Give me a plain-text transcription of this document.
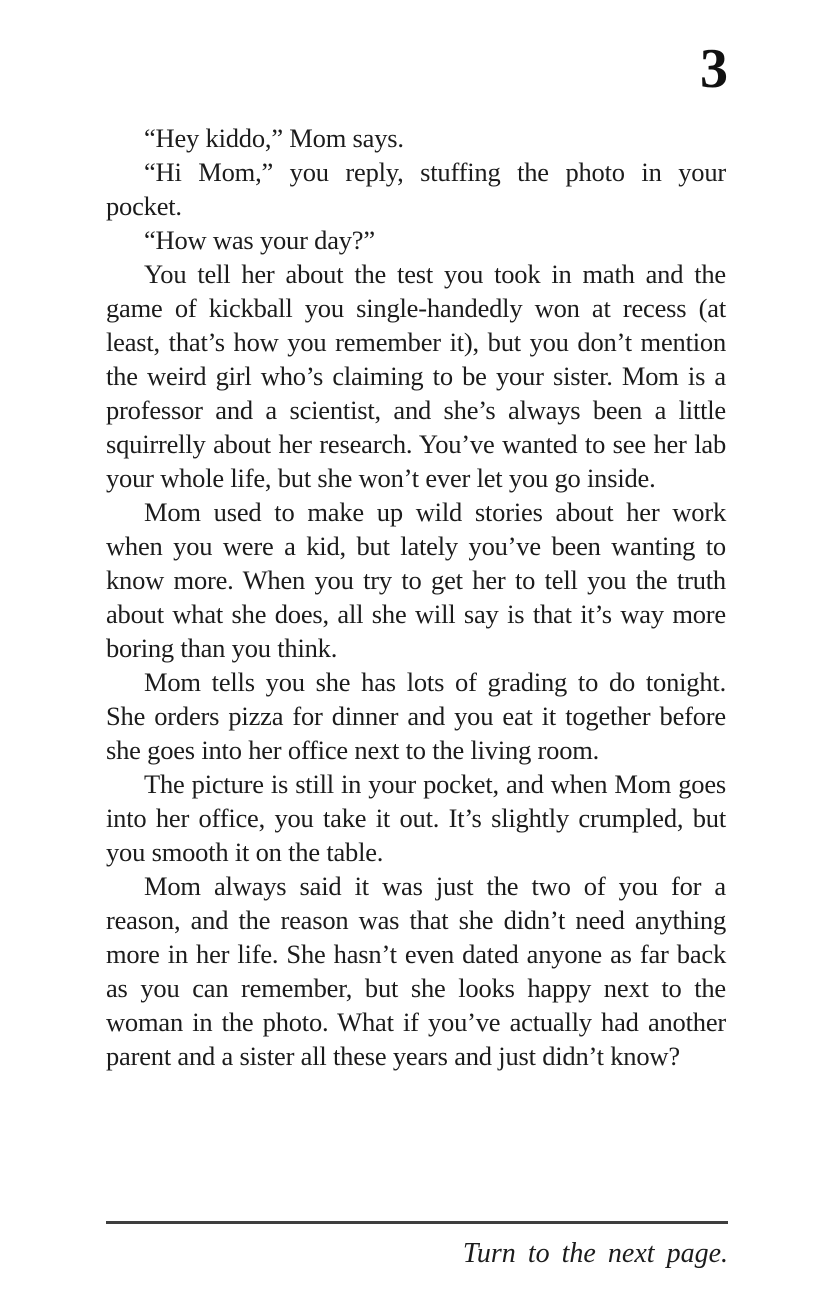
3

“Hey kiddo,” Mom says.

“Hi Mom,” you reply, stuffing the photo in your pocket.

“How was your day?”

You tell her about the test you took in math and the game of kickball you single-handedly won at recess (at least, that’s how you remember it), but you don’t mention the weird girl who’s claiming to be your sister. Mom is a professor and a scientist, and she’s always been a little squirrelly about her research. You’ve wanted to see her lab your whole life, but she won’t ever let you go inside.

Mom used to make up wild stories about her work when you were a kid, but lately you’ve been wanting to know more. When you try to get her to tell you the truth about what she does, all she will say is that it’s way more boring than you think.

Mom tells you she has lots of grading to do tonight. She orders pizza for dinner and you eat it together before she goes into her office next to the living room.

The picture is still in your pocket, and when Mom goes into her office, you take it out. It’s slightly crumpled, but you smooth it on the table.

Mom always said it was just the two of you for a reason, and the reason was that she didn’t need anything more in her life. She hasn’t even dated anyone as far back as you can remember, but she looks happy next to the woman in the photo. What if you’ve actually had another parent and a sister all these years and just didn’t know?

Turn to the next page.
